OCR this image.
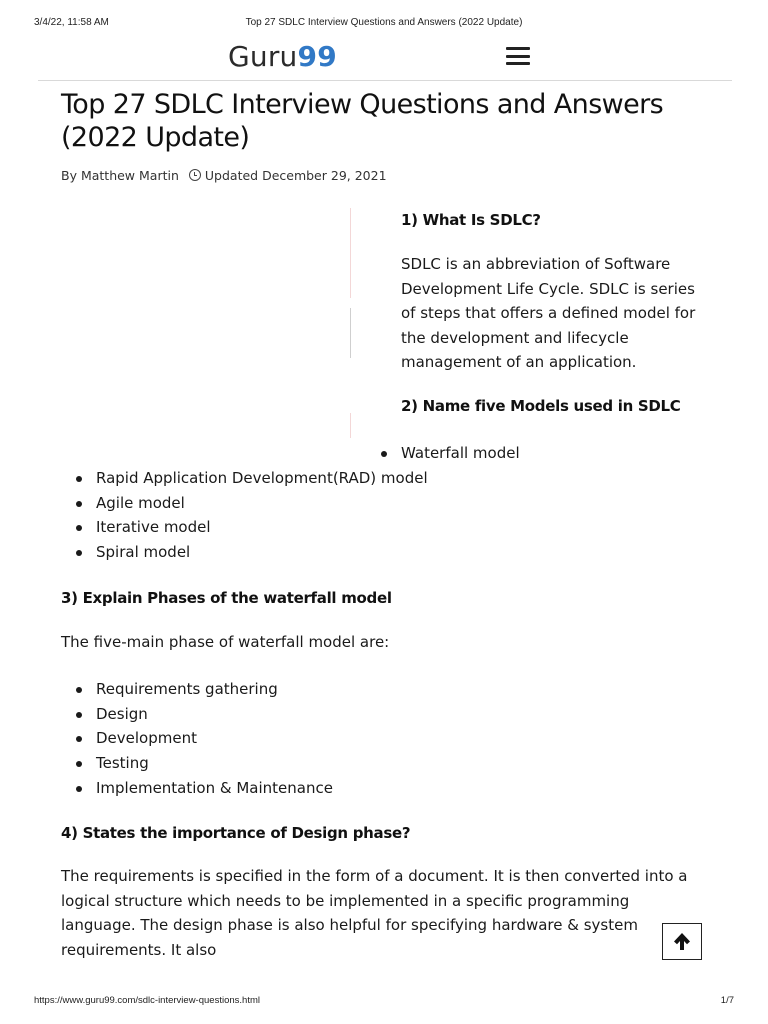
3/4/22, 11:58 AM	Top 27 SDLC Interview Questions and Answers (2022 Update)
Guru99
Top 27 SDLC Interview Questions and Answers (2022 Update)
By Matthew Martin Updated December 29, 2021
1) What Is SDLC?
SDLC is an abbreviation of Software Development Life Cycle. SDLC is series of steps that offers a defined model for the development and lifecycle management of an application.
2) Name five Models used in SDLC
Waterfall model
Rapid Application Development(RAD) model
Agile model
Iterative model
Spiral model
3) Explain Phases of the waterfall model
The five-main phase of waterfall model are:
Requirements gathering
Design
Development
Testing
Implementation & Maintenance
4) States the importance of Design phase?
The requirements is specified in the form of a document. It is then converted into a logical structure which needs to be implemented in a specific programming language. The design phase is also helpful for specifying hardware & system requirements. It also
https://www.guru99.com/sdlc-interview-questions.html	1/7
